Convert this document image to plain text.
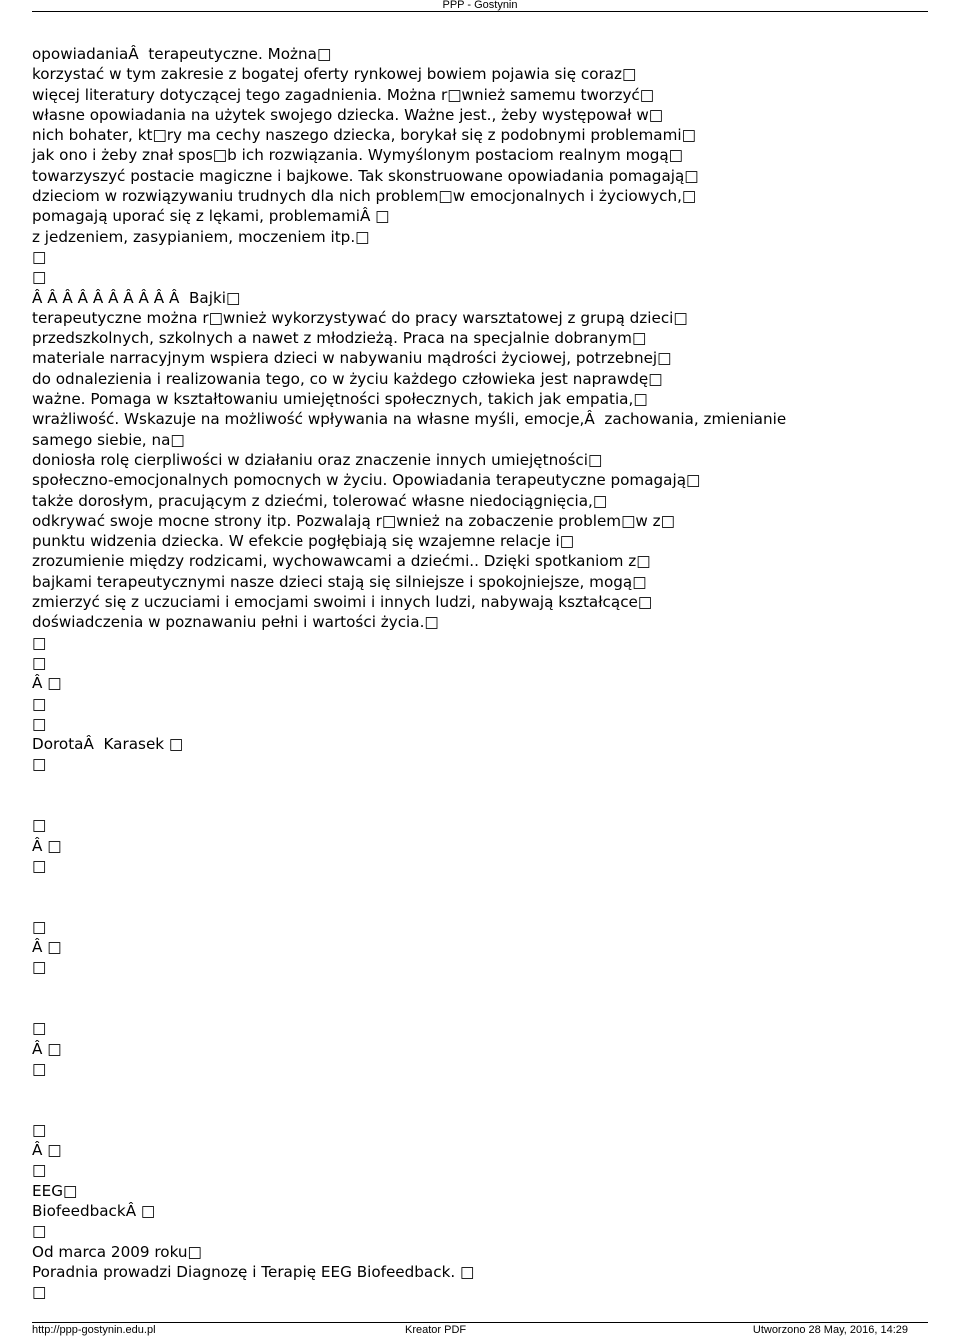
PPP - Gostynin
opowiadaniaÂ  terapeutyczne. Można□
korzystać w tym zakresie z bogatej oferty rynkowej bowiem pojawia się coraz□
więcej literatury dotyczącej tego zagadnienia. Można r□wnież samemu tworzyć□
własne opowiadania na użytek swojego dziecka. Ważne jest., żeby występował w□
nich bohater, kt□ry ma cechy naszego dziecka, borykał się z podobnymi problemami□
jak ono i żeby znał spos□b ich rozwiązania. Wymyślonym postaciom realnym mogą□
towarzyszyć postacie magiczne i bajkowe. Tak skonstruowane opowiadania pomagają□
dzieciom w rozwiązywaniu trudnych dla nich problem□w emocjonalnych i życiowych,□
pomagają uporać się z lękami, problemamiÂ □
z jedzeniem, zasypianiem, moczeniem itp.□
□
□
Â Â Â Â Â Â Â Â Â Â  Bajki□
terapeutyczne można r□wnież wykorzystywać do pracy warsztatowej z grupą dzieci□
przedszkolnych, szkolnych a nawet z młodzieżą. Praca na specjalnie dobranym□
materiale narracyjnym wspiera dzieci w nabywaniu mądrości życiowej, potrzebnej□
do odnalezienia i realizowania tego, co w życiu każdego człowieka jest naprawdę□
ważne. Pomaga w kształtowaniu umiejętności społecznych, takich jak empatia,□
wrażliwość. Wskazuje na możliwość wpływania na własne myśli, emocje,Â  zachowania, zmienianie
samego siebie, na□
doniosła rolę cierpliwości w działaniu oraz znaczenie innych umiejętności□
społeczno-emocjonalnych pomocnych w życiu. Opowiadania terapeutyczne pomagają□
także dorosłym, pracującym z dziećmi, tolerować własne niedociągnięcia,□
odkrywać swoje mocne strony itp. Pozwalają r□wnież na zobaczenie problem□w z□
punktu widzenia dziecka. W efekcie pogłębiają się wzajemne relacje i□
zrozumienie między rodzicami, wychowawcami a dziećmi.. Dzięki spotkaniom z□
bajkami terapeutycznymi nasze dzieci stają się silniejsze i spokojniejsze, mogą□
zmierzyć się z uczuciami i emocjami swoimi i innych ludzi, nabywają kształcące□
doświadczenia w poznawaniu pełni i wartości życia.□
□
□
Â □
□
□
DorotaÂ  Karasek □
□
□
Â □
□
□
Â □
□
□
Â □
□
□
Â □
□
EEG□
BiofeedbackÂ □
□
Od marca 2009 roku□
Poradnia prowadzi Diagnozę i Terapię EEG Biofeedback. □
□
http://ppp-gostynin.edu.pl	Kreator PDF	Utworzono 28 May, 2016, 14:29
